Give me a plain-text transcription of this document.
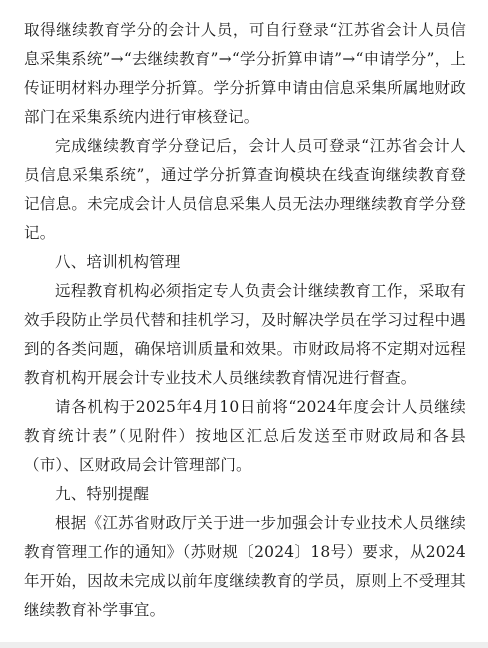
取得继续教育学分的会计人员，可自行登录“江苏省会计人员信息采集系统”→“去继续教育”→“学分折算申请”→“申请学分”，上传证明材料办理学分折算。学分折算申请由信息采集所属地财政部门在采集系统内进行审核登记。

完成继续教育学分登记后，会计人员可登录“江苏省会计人员信息采集系统”，通过学分折算查询模块在线查询继续教育登记信息。未完成会计人员信息采集人员无法办理继续教育学分登记。

八、培训机构管理

远程教育机构必须指定专人负责会计继续教育工作，采取有效手段防止学员代替和挂机学习，及时解决学员在学习过程中遇到的各类问题，确保培训质量和效果。市财政局将不定期对远程教育机构开展会计专业技术人员继续教育情况进行督查。

请各机构于2025年4月10日前将“2024年度会计人员继续教育统计表”（见附件）按地区汇总后发送至市财政局和各县（市）、区财政局会计管理部门。

九、特别提醒

根据《江苏省财政厅关于进一步加强会计专业技术人员继续教育管理工作的通知》（苏财规〔2024〕18号）要求，从2024年开始，因故未完成以前年度继续教育的学员，原则上不受理其继续教育补学事宜。
